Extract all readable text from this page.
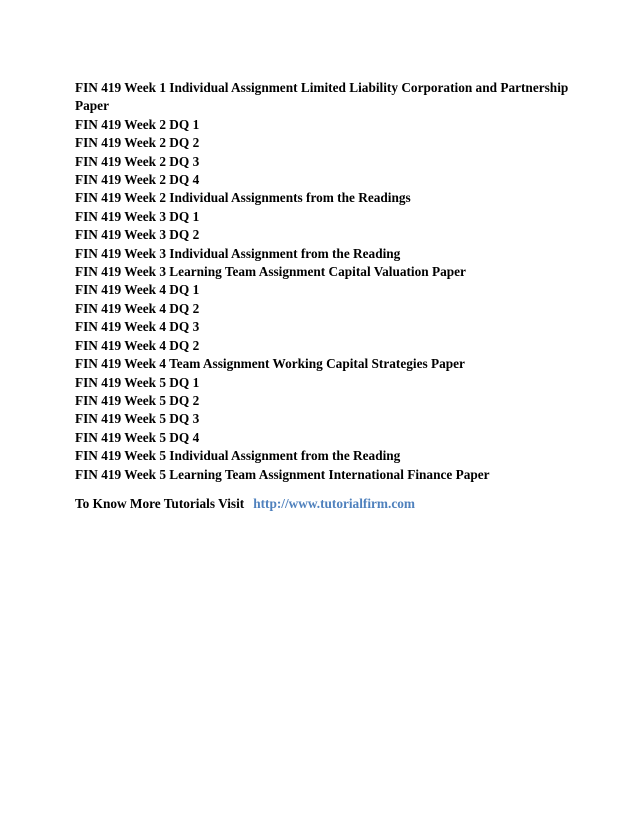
FIN 419 Week 1 Individual Assignment Limited Liability Corporation and Partnership Paper
FIN 419 Week 2 DQ 1
FIN 419 Week 2 DQ 2
FIN 419 Week 2 DQ 3
FIN 419 Week 2 DQ 4
FIN 419 Week 2 Individual Assignments from the Readings
FIN 419 Week 3 DQ 1
FIN 419 Week 3 DQ 2
FIN 419 Week 3 Individual Assignment from the Reading
FIN 419 Week 3 Learning Team Assignment Capital Valuation Paper
FIN 419 Week 4 DQ 1
FIN 419 Week 4 DQ 2
FIN 419 Week 4 DQ 3
FIN 419 Week 4 DQ 2
FIN 419 Week 4 Team Assignment Working Capital Strategies Paper
FIN 419 Week 5 DQ 1
FIN 419 Week 5 DQ 2
FIN 419 Week 5 DQ 3
FIN 419 Week 5 DQ 4
FIN 419 Week 5 Individual Assignment from the Reading
FIN 419 Week 5 Learning Team Assignment International Finance Paper
To Know More Tutorials Visit http://www.tutorialfirm.com
